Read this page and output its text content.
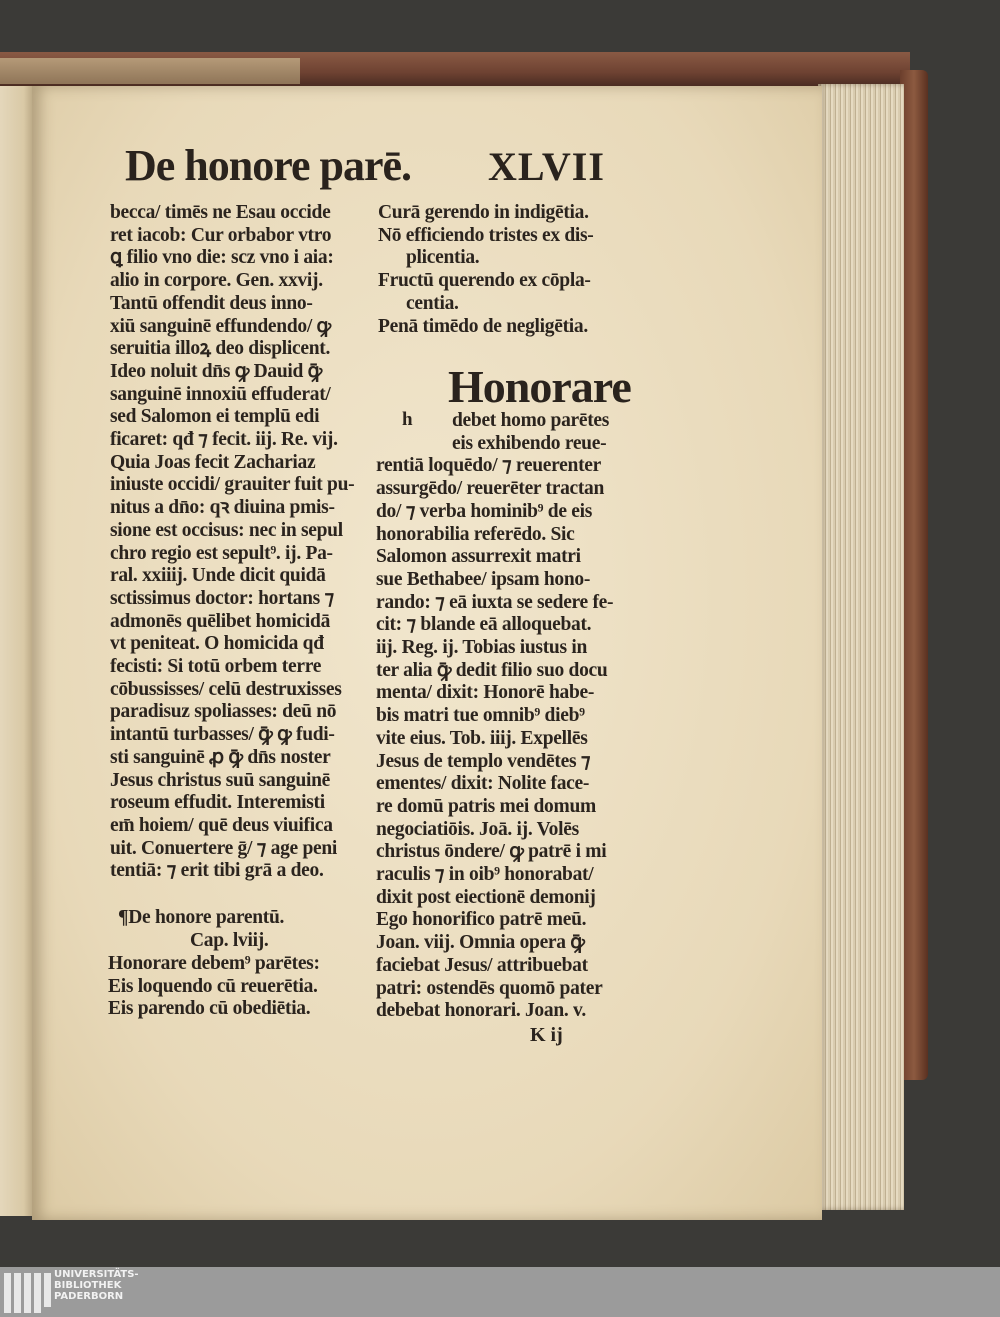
De honore parē. XLVII
becca/ timēs ne Esau occide
ret iacob: Cur orbabor vtro
ꝗ filio vno die: scz vno i aia:
alio in corpore. Gen. xxvij.
Tantū offendit deus inno-
xiū sanguinē effundendo/ ꝙ
seruitia illoꝝ deo displicent.
Ideo noluit dn̄s ꝙ Dauid ꝙ̄
sanguinē innoxiū effuderat/
sed Salomon ei templū edi
ficaret: qđ ⁊ fecit. iij. Re. vij.
Quia Joas fecit Zachariaz
iniuste occidi/ grauiter fuit pu-
nitus a dn̄o: qꝛ diuina pmis-
sione est occisus: nec in sepul
chro regio est sepult⁹. ij. Pa-
ral. xxiiij. Unde dicit quidā
sctissimus doctor: hortans ⁊
admonēs quēlibet homicidā
vt peniteat. O homicida qđ
fecisti: Si totū orbem terre
cōbussisses/ celū destruxisses
paradisuz spoliasses: deū nō
intantū turbasses/ ꝙ̄ ꝙ fudi-
sti sanguinē ꝓ ꝙ̄ dn̄s noster
Jesus christus suū sanguinē
roseum effudit. Interemisti
em̄ hoiem/ quē deus viuifica
uit. Conuertere ḡ/ ⁊ age peni
tentiā: ⁊ erit tibi grā a deo.
¶De honore parentū.
Cap. lviij.
Honorare debem⁹ parētes:
Eis loquendo cū reuerētia.
Eis parendo cū obediētia.
Curā gerendo in indigētia.
Nō efficiendo tristes ex dis-
plicentia.
Fructū querendo ex cōpla-
centia.
Penā timēdo de negligētia.
debet homo parētes
eis exhibendo reue-
rentiā loquēdo/ ⁊ reuerenter
assurgēdo/ reuerēter tractan
do/ ⁊ verba hominib⁹ de eis
honorabilia referēdo. Sic
Salomon assurrexit matri
sue Bethabee/ ipsam hono-
rando: ⁊ eā iuxta se sedere fe-
cit: ⁊ blande eā alloquebat.
iij. Reg. ij. Tobias iustus in
ter alia ꝙ̄ dedit filio suo docu
menta/ dixit: Honorē habe-
bis matri tue omnib⁹ dieb⁹
vite eius. Tob. iiij. Expellēs
Jesus de templo vendētes ⁊
ementes/ dixit: Nolite face-
re domū patris mei domum
negociatiōis. Joā. ij. Volēs
christus ōndere/ ꝙ patrē i mi
raculis ⁊ in oib⁹ honorabat/
dixit post eiectionē demonij
Ego honorifico patrē meū.
Joan. viij. Omnia opera ꝙ̄
faciebat Jesus/ attribuebat
patri: ostendēs quomō pater
debebat honorari. Joan. v.
Honorare
h
K ij
UNIVERSITÄTS-
BIBLIOTHEK
PADERBORN
